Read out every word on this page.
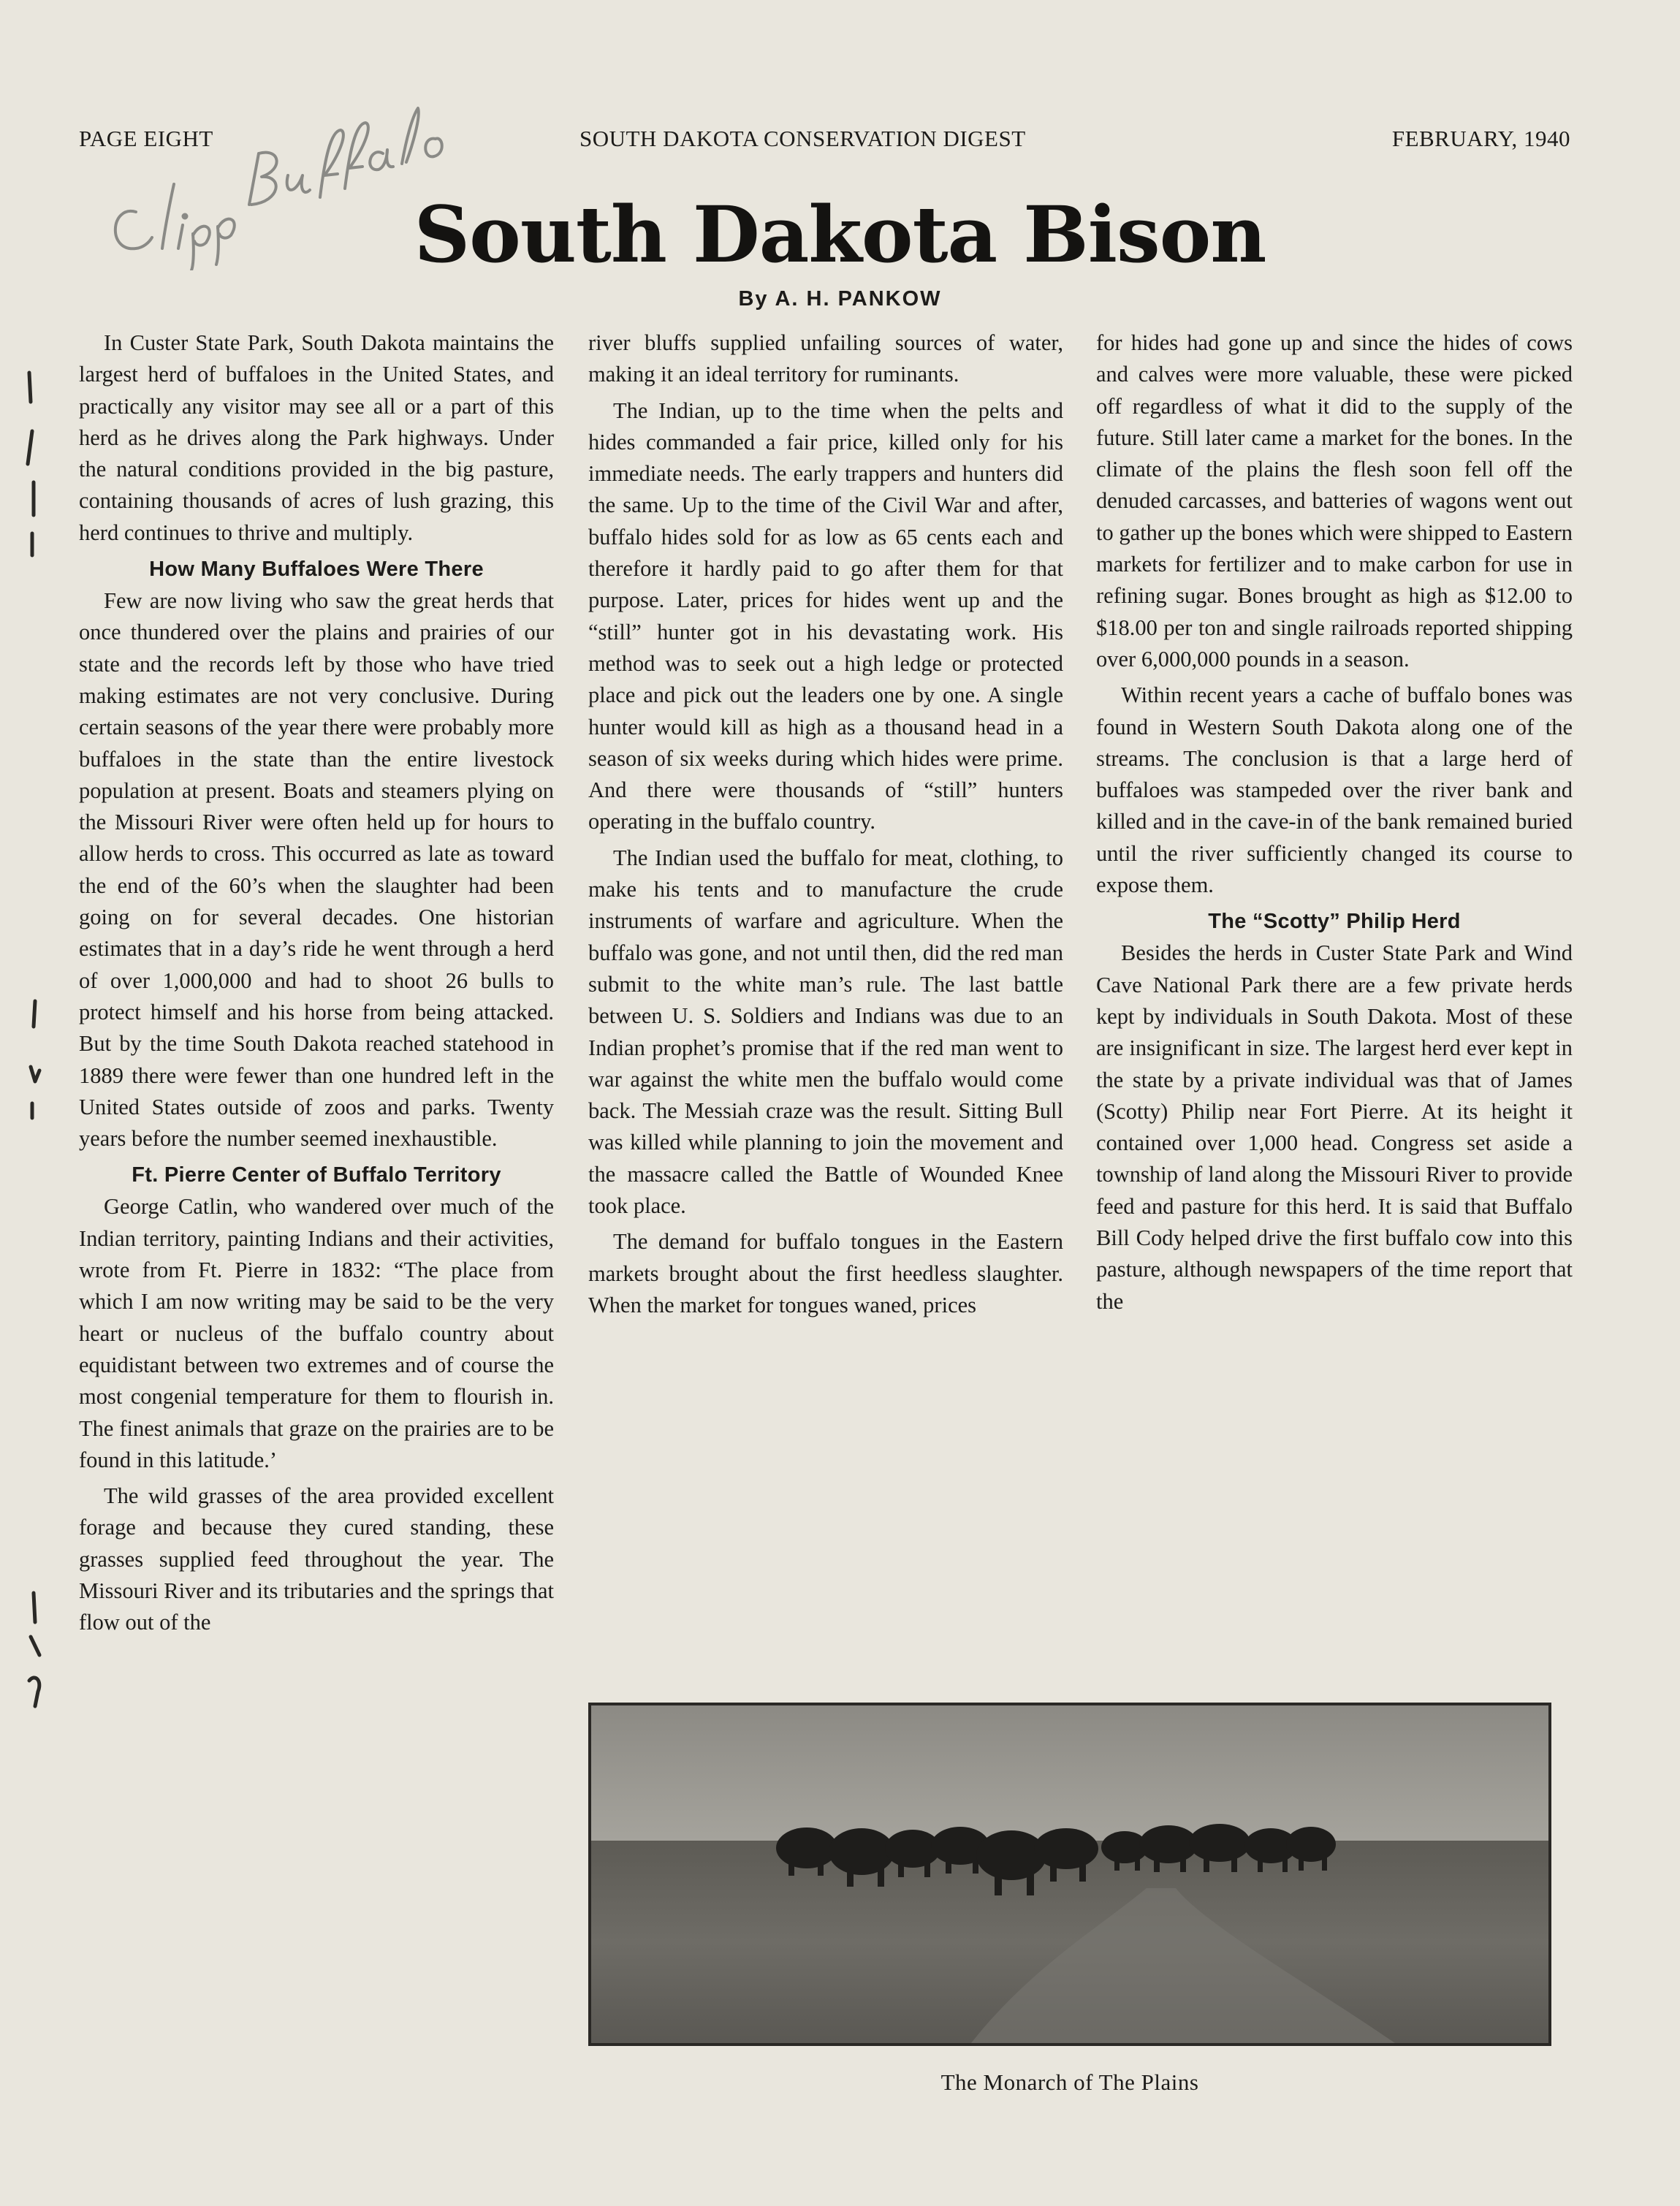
PAGE EIGHT	SOUTH DAKOTA CONSERVATION DIGEST	FEBRUARY, 1940
South Dakota Bison
By A. H. PANKOW

In Custer State Park, South Dakota maintains the largest herd of buffaloes in the United States, and practically any visitor may see all or a part of this herd as he drives along the Park highways. Under the natural conditions provided in the big pasture, containing thousands of acres of lush grazing, this herd continues to thrive and multiply.

How Many Buffaloes Were There

Few are now living who saw the great herds that once thundered over the plains and prairies of our state and the records left by those who have tried making estimates are not very conclusive. During certain seasons of the year there were probably more buffaloes in the state than the entire livestock population at present. Boats and steamers plying on the Missouri River were often held up for hours to allow herds to cross. This occurred as late as toward the end of the 60’s when the slaughter had been going on for several decades. One historian estimates that in a day’s ride he went through a herd of over 1,000,000 and had to shoot 26 bulls to protect himself and his horse from being attacked. But by the time South Dakota reached statehood in 1889 there were fewer than one hundred left in the United States outside of zoos and parks. Twenty years before the number seemed inexhaustible.

Ft. Pierre Center of Buffalo Territory

George Catlin, who wandered over much of the Indian territory, painting Indians and their activities, wrote from Ft. Pierre in 1832: “The place from which I am now writing may be said to be the very heart or nucleus of the buffalo country about equidistant between two extremes and of course the most congenial temperature for them to flourish in. The finest animals that graze on the prairies are to be found in this latitude.’

The wild grasses of the area provided excellent forage and because they cured standing, these grasses supplied feed throughout the year. The Missouri River and its tributaries and the springs that flow out of the

river bluffs supplied unfailing sources of water, making it an ideal territory for ruminants.

The Indian, up to the time when the pelts and hides commanded a fair price, killed only for his immediate needs. The early trappers and hunters did the same. Up to the time of the Civil War and after, buffalo hides sold for as low as 65 cents each and therefore it hardly paid to go after them for that purpose. Later, prices for hides went up and the “still” hunter got in his devastating work. His method was to seek out a high ledge or protected place and pick out the leaders one by one. A single hunter would kill as high as a thousand head in a season of six weeks during which hides were prime. And there were thousands of “still” hunters operating in the buffalo country.

The Indian used the buffalo for meat, clothing, to make his tents and to manufacture the crude instruments of warfare and agriculture. When the buffalo was gone, and not until then, did the red man submit to the white man’s rule. The last battle between U. S. Soldiers and Indians was due to an Indian prophet’s promise that if the red man went to war against the white men the buffalo would come back. The Messiah craze was the result. Sitting Bull was killed while planning to join the movement and the massacre called the Battle of Wounded Knee took place.

The demand for buffalo tongues in the Eastern markets brought about the first heedless slaughter. When the market for tongues waned, prices

for hides had gone up and since the hides of cows and calves were more valuable, these were picked off regardless of what it did to the supply of the future. Still later came a market for the bones. In the climate of the plains the flesh soon fell off the denuded carcasses, and batteries of wagons went out to gather up the bones which were shipped to Eastern markets for fertilizer and to make carbon for use in refining sugar. Bones brought as high as $12.00 to $18.00 per ton and single railroads reported shipping over 6,000,000 pounds in a season.

Within recent years a cache of buffalo bones was found in Western South Dakota along one of the streams. The conclusion is that a large herd of buffaloes was stampeded over the river bank and killed and in the cave-in of the bank remained buried until the river sufficiently changed its course to expose them.

The “Scotty” Philip Herd

Besides the herds in Custer State Park and Wind Cave National Park there are a few private herds kept by individuals in South Dakota. Most of these are insignificant in size. The largest herd ever kept in the state by a private individual was that of James (Scotty) Philip near Fort Pierre. At its height it contained over 1,000 head. Congress set aside a township of land along the Missouri River to provide feed and pasture for this herd. It is said that Buffalo Bill Cody helped drive the first buffalo cow into this pasture, although newspapers of the time report that the

The Monarch of The Plains
